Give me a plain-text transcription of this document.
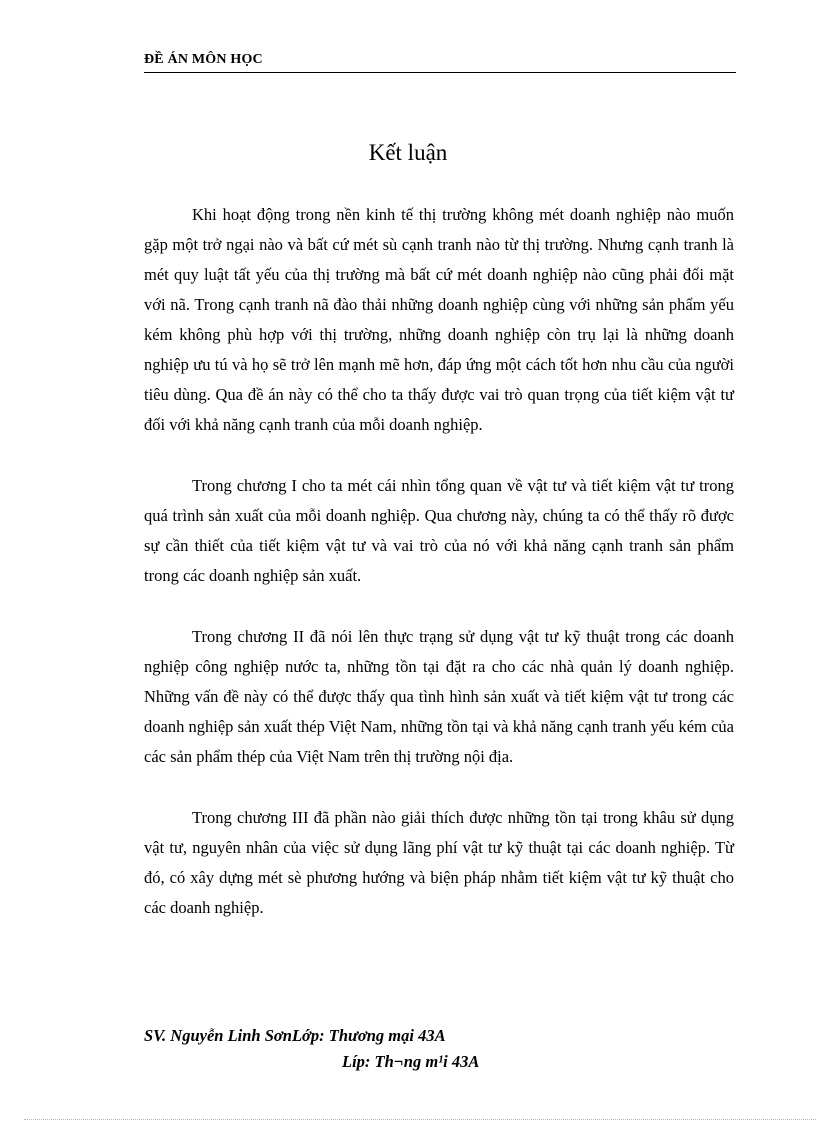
ĐỀ ÁN MÔN HỌC
Kết luận

Khi hoạt động trong nền kinh tế thị trường không mét doanh nghiệp nào muốn gặp một trở ngại nào và bất cứ mét sù cạnh tranh nào từ thị trường. Nhưng cạnh tranh là mét quy luật tất yếu của thị trường mà bất cứ mét doanh nghiệp nào cũng phải đối mặt với nã. Trong cạnh tranh nã đào thải những doanh nghiệp cùng với những sản phẩm yếu kém không phù hợp với thị trường, những doanh nghiệp còn trụ lại là những doanh nghiệp ưu tú và họ sẽ trở lên mạnh mẽ hơn, đáp ứng một cách tốt hơn nhu cầu của người tiêu dùng. Qua đề án này có thể cho ta thấy được vai trò quan trọng của tiết kiệm vật tư đối với khả năng cạnh tranh của mỗi doanh nghiệp.

Trong chương I cho ta mét cái nhìn tổng quan về vật tư và tiết kiệm vật tư trong quá trình sản xuất của mỗi doanh nghiệp. Qua chương này, chúng ta có thể thấy rõ được sự cần thiết của tiết kiệm vật tư và vai trò của nó với khả năng cạnh tranh sản phẩm trong các doanh nghiệp sản xuất.

Trong chương II đã nói lên thực trạng sử dụng vật tư kỹ thuật trong các doanh nghiệp công nghiệp nước ta, những tồn tại đặt ra cho các nhà quản lý doanh nghiệp. Những vấn đề này có thể được thấy qua tình hình sản xuất và tiết kiệm vật tư trong các doanh nghiệp sản xuất thép Việt Nam, những tồn tại và khả năng cạnh tranh yếu kém của các sản phẩm thép của Việt Nam trên thị trường nội địa.

Trong chương III đã phần nào giải thích được những tồn tại trong khâu sử dụng vật tư, nguyên nhân của việc sử dụng lãng phí vật tư kỹ thuật tại các doanh nghiệp. Từ đó, có xây dựng mét sè phương hướng và biện pháp nhằm tiết kiệm vật tư kỹ thuật cho các doanh nghiệp.

SV. Nguyễn Linh SơnLớp: Thương mại 43A
Líp: Th¬ng m¹i 43A
